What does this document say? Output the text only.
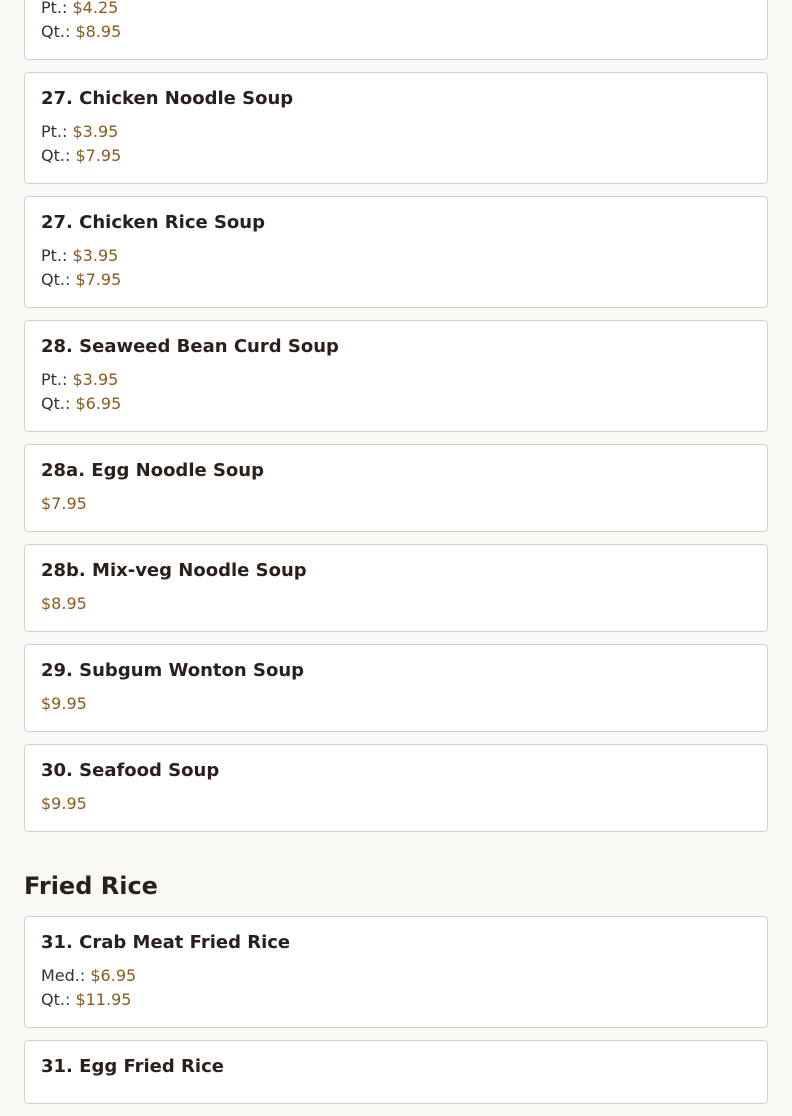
Pt.: $4.25
Qt.: $8.95
27. Chicken Noodle Soup
Pt.: $3.95
Qt.: $7.95
27. Chicken Rice Soup
Pt.: $3.95
Qt.: $7.95
28. Seaweed Bean Curd Soup
Pt.: $3.95
Qt.: $6.95
28a. Egg Noodle Soup
$7.95
28b. Mix-veg Noodle Soup
$8.95
29. Subgum Wonton Soup
$9.95
30. Seafood Soup
$9.95
Fried Rice
31. Crab Meat Fried Rice
Med.: $6.95
Qt.: $11.95
31. Egg Fried Rice
